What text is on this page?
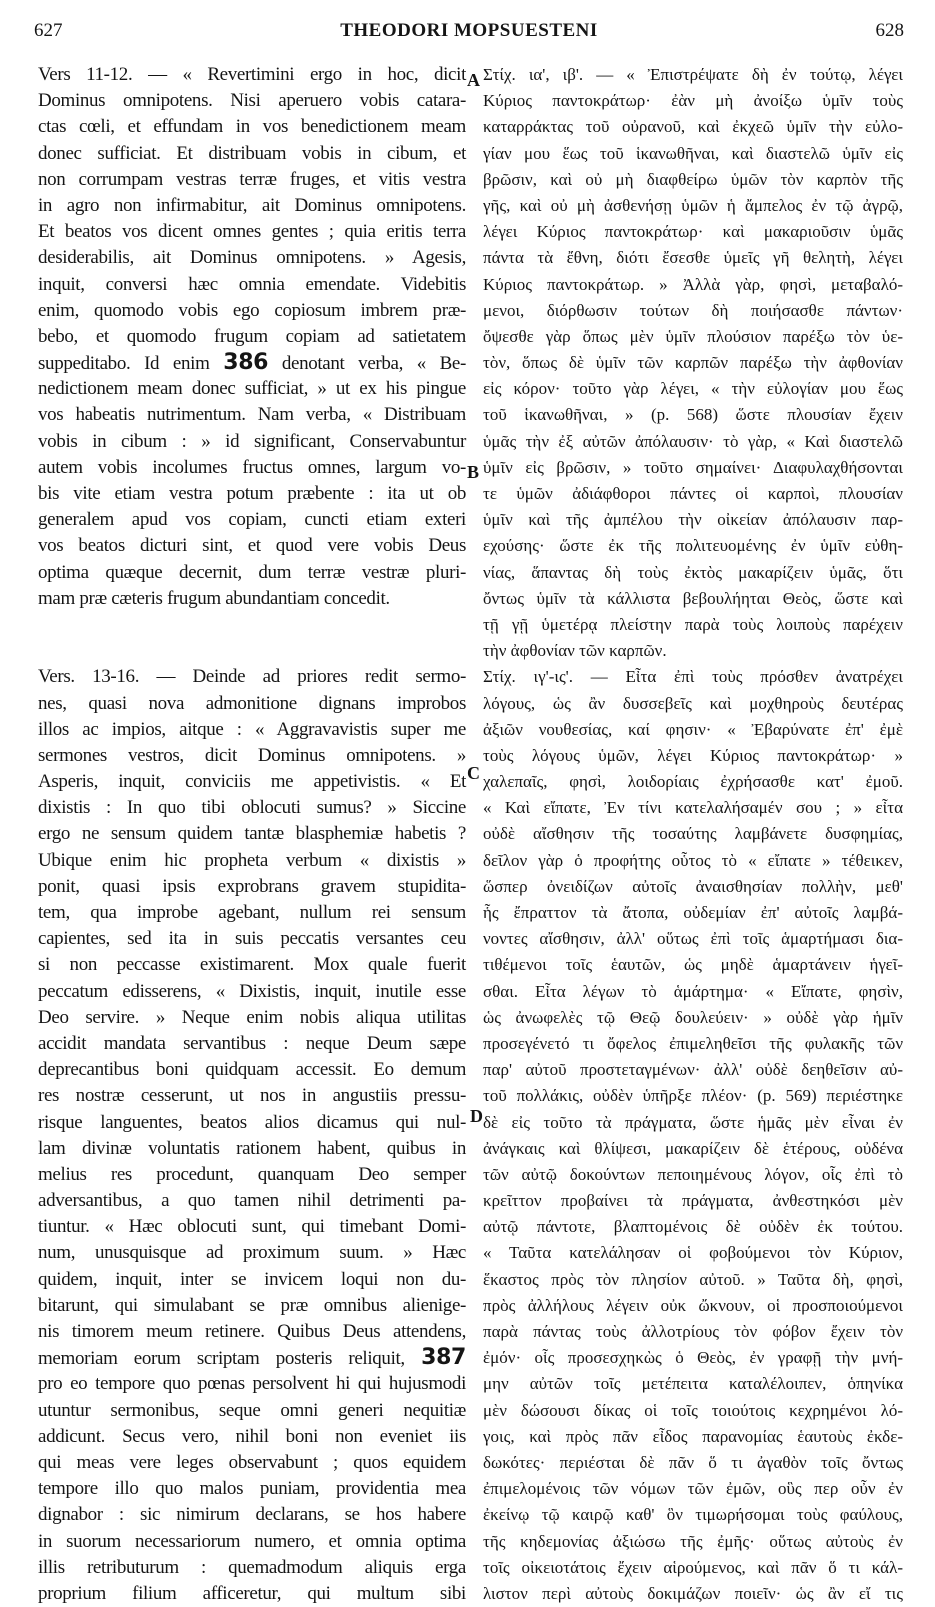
627	THEODORI MOPSUESTENI	628
A
B
C
D
Vers 11-12. — « Revertimini ergo in hoc, dicit
Dominus omnipotens. Nisi aperuero vobis catara-
ctas cœli, et effundam in vos benedictionem meam
donec sufficiat. Et distribuam vobis in cibum, et
non corrumpam vestras terræ fruges, et vitis vestra
in agro non infirmabitur, ait Dominus omnipotens.
Et beatos vos dicent omnes gentes ; quia eritis terra
desiderabilis, ait Dominus omnipotens. » Agesis,
inquit, conversi hæc omnia emendate. Videbitis
enim, quomodo vobis ego copiosum imbrem præ-
bebo, et quomodo frugum copiam ad satietatem
suppeditabo. Id enim 386 denotant verba, « Be-
nedictionem meam donec sufficiat, » ut ex his pingue
vos habeatis nutrimentum. Nam verba, « Distribuam
vobis in cibum : » id significant, Conservabuntur
autem vobis incolumes fructus omnes, largum vo-
bis vite etiam vestra potum præbente : ita ut ob
generalem apud vos copiam, cuncti etiam exteri
vos beatos dicturi sint, et quod vere vobis Deus
optima quæque decernit, dum terræ vestræ pluri-
mam præ cæteris frugum abundantiam concedit.
Vers. 13-16. — Deinde ad priores redit sermo-
nes, quasi nova admonitione dignans improbos
illos ac impios, aitque : « Aggravavistis super me
sermones vestros, dicit Dominus omnipotens. »
Asperis, inquit, conviciis me appetivistis. « Et
dixistis : In quo tibi oblocuti sumus? » Siccine
ergo ne sensum quidem tantæ blasphemiæ habetis ?
Ubique enim hic propheta verbum « dixistis »
ponit, quasi ipsis exprobrans gravem stupidita-
tem, qua improbe agebant, nullum rei sensum
capientes, sed ita in suis peccatis versantes ceu
si non peccasse existimarent. Mox quale fuerit
peccatum edisserens, « Dixistis, inquit, inutile esse
Deo servire. » Neque enim nobis aliqua utilitas
accidit mandata servantibus : neque Deum sæpe
deprecantibus boni quidquam accessit. Eo demum
res nostræ cesserunt, ut nos in angustiis pressu-
risque languentes, beatos alios dicamus qui nul-
lam divinæ voluntatis rationem habent, quibus in
melius res procedunt, quanquam Deo semper
adversantibus, a quo tamen nihil detrimenti pa-
tiuntur. « Hæc oblocuti sunt, qui timebant Domi-
num, unusquisque ad proximum suum. » Hæc
quidem, inquit, inter se invicem loqui non du-
bitarunt, qui simulabant se præ omnibus alienige-
nis timorem meum retinere. Quibus Deus attendens,
memoriam eorum scriptam posteris reliquit, 387
pro eo tempore quo pœnas persolvent hi qui hujusmodi
utuntur sermonibus, seque omni generi nequitiæ
addicunt. Secus vero, nihil boni non eveniet iis
qui meas vere leges observabunt ; quos equidem
tempore illo quo malos puniam, providentia mea
dignabor : sic nimirum declarans, se hos habere
in suorum necessariorum numero, et omnia optima
illis retributurum : quemadmodum aliquis erga
proprium filium afficeretur, qui multum sibi
Στίχ. ια', ιβ'. — « Ἐπιστρέψατε δὴ ἐν τούτῳ, λέγει
Κύριος παντοκράτωρ· ἐὰν μὴ ἀνοίξω ὑμῖν τοὺς
καταρράκτας τοῦ οὐρανοῦ, καὶ ἐκχεῶ ὑμῖν τὴν εὐλο-
γίαν μου ἕως τοῦ ἱκανωθῆναι, καὶ διαστελῶ ὑμῖν εἰς
βρῶσιν, καὶ οὐ μὴ διαφθείρω ὑμῶν τὸν καρπὸν τῆς
γῆς, καὶ οὐ μὴ ἀσθενήσῃ ὑμῶν ἡ ἄμπελος ἐν τῷ ἀγρῷ,
λέγει Κύριος παντοκράτωρ· καὶ μακαριοῦσιν ὑμᾶς
πάντα τὰ ἔθνη, διότι ἔσεσθε ὑμεῖς γῆ θελητὴ, λέγει
Κύριος παντοκράτωρ. » Ἀλλὰ γὰρ, φησὶ, μεταβαλό-
μενοι, διόρθωσιν τούτων δὴ ποιήσασθε πάντων·
ὄψεσθε γὰρ ὅπως μὲν ὑμῖν πλούσιον παρέξω τὸν ὑε-
τὸν, ὅπως δὲ ὑμῖν τῶν καρπῶν παρέξω τὴν ἀφθονίαν
εἰς κόρον· τοῦτο γὰρ λέγει, « τὴν εὐλογίαν μου ἕως
τοῦ ἱκανωθῆναι, » (p. 568) ὥστε πλουσίαν ἔχειν
ὑμᾶς τὴν ἐξ αὐτῶν ἀπόλαυσιν· τὸ γὰρ, « Καὶ διαστελῶ
ὑμῖν εἰς βρῶσιν, » τοῦτο σημαίνει· Διαφυλαχθήσονται
τε ὑμῶν ἀδιάφθοροι πάντες οἱ καρποὶ, πλουσίαν
ὑμῖν καὶ τῆς ἀμπέλου τὴν οἰκείαν ἀπόλαυσιν παρ-
εχούσης· ὥστε ἐκ τῆς πολιτευομένης ἐν ὑμῖν εὐθη-
νίας, ἅπαντας δὴ τοὺς ἐκτὸς μακαρίζειν ὑμᾶς, ὅτι
ὄντως ὑμῖν τὰ κάλλιστα βεβουλήηται Θεὸς, ὥστε καὶ
τῇ γῇ ὑμετέρᾳ πλείστην παρὰ τοὺς λοιποὺς παρέχειν
τὴν ἀφθονίαν τῶν καρπῶν.
Στίχ. ιγ'-ις'. — Εἶτα ἐπὶ τοὺς πρόσθεν ἀνατρέχει
λόγους, ὡς ἂν δυσσεβεῖς καὶ μοχθηροὺς δευτέρας
ἀξιῶν νουθεσίας, καί φησιν· « Ἐβαρύνατε ἐπ' ἐμὲ
τοὺς λόγους ὑμῶν, λέγει Κύριος παντοκράτωρ· »
χαλεπαῖς, φησὶ, λοιδορίαις ἐχρήσασθε κατ' ἐμοῦ.
« Καὶ εἴπατε, Ἐν τίνι κατελαλήσαμέν σου ; » εἶτα
οὐδὲ αἴσθησιν τῆς τοσαύτης λαμβάνετε δυσφημίας,
δεῖλον γὰρ ὁ προφήτης οὗτος τὸ « εἴπατε » τέθεικεν,
ὥσπερ ὀνειδίζων αὐτοῖς ἀναισθησίαν πολλὴν, μεθ'
ἧς ἔπραττον τὰ ἄτοπα, οὐδεμίαν ἐπ' αὐτοῖς λαμβά-
νοντες αἴσθησιν, ἀλλ' οὕτως ἐπὶ τοῖς ἁμαρτήμασι δια-
τιθέμενοι τοῖς ἑαυτῶν, ὡς μηδὲ ἁμαρτάνειν ἡγεῖ-
σθαι. Εἶτα λέγων τὸ ἁμάρτημα· « Εἴπατε, φησὶν,
ὡς ἀνωφελὲς τῷ Θεῷ δουλεύειν· » οὐδὲ γὰρ ἡμῖν
προσεγένετό τι ὄφελος ἐπιμεληθεῖσι τῆς φυλακῆς τῶν
παρ' αὐτοῦ προστεταγμένων· ἀλλ' οὐδὲ δεηθεῖσιν αὐ-
τοῦ πολλάκις, οὐδὲν ὑπῆρξε πλέον· (p. 569) περιέστηκε
δὲ εἰς τοῦτο τὰ πράγματα, ὥστε ἡμᾶς μὲν εἶναι ἐν
ἀνάγκαις καὶ θλίψεσι, μακαρίζειν δὲ ἑτέρους, οὐδένα
τῶν αὐτῷ δοκούντων πεποιημένους λόγον, οἷς ἐπὶ τὸ
κρεῖττον προβαίνει τὰ πράγματα, ἀνθεστηκόσι μὲν
αὐτῷ πάντοτε, βλαπτομένοις δὲ οὐδὲν ἐκ τούτου.
« Ταῦτα κατελάλησαν οἱ φοβούμενοι τὸν Κύριον,
ἕκαστος πρὸς τὸν πλησίον αὐτοῦ. » Ταῦτα δὴ, φησὶ,
πρὸς ἀλλήλους λέγειν οὐκ ὤκνουν, οἱ προσποιούμενοι
παρὰ πάντας τοὺς ἀλλοτρίους τὸν φόβον ἔχειν τὸν
ἐμόν· οἷς προσεσχηκὼς ὁ Θεὸς, ἐν γραφῇ τὴν μνή-
μην αὐτῶν τοῖς μετέπειτα καταλέλοιπεν, ὁπηνίκα
μὲν δώσουσι δίκας οἱ τοῖς τοιούτοις κεχρημένοι λό-
γοις, καὶ πρὸς πᾶν εἶδος παρανομίας ἑαυτοὺς ἐκδε-
δωκότες· περιέσται δὲ πᾶν ὅ τι ἀγαθὸν τοῖς ὄντως
ἐπιμελομένοις τῶν νόμων τῶν ἐμῶν, οὓς περ οὖν ἐν
ἐκείνῳ τῷ καιρῷ καθ' ὃν τιμωρήσομαι τοὺς φαύλους,
τῆς κηδεμονίας ἀξιώσω τῆς ἐμῆς· οὕτως αὐτοὺς ἐν
τοῖς οἰκειοτάτοις ἔχειν αἱρούμενος, καὶ πᾶν ὅ τι κάλ-
λιστον περὶ αὐτοὺς δοκιμάζων ποιεῖν· ὡς ἂν εἴ τις
